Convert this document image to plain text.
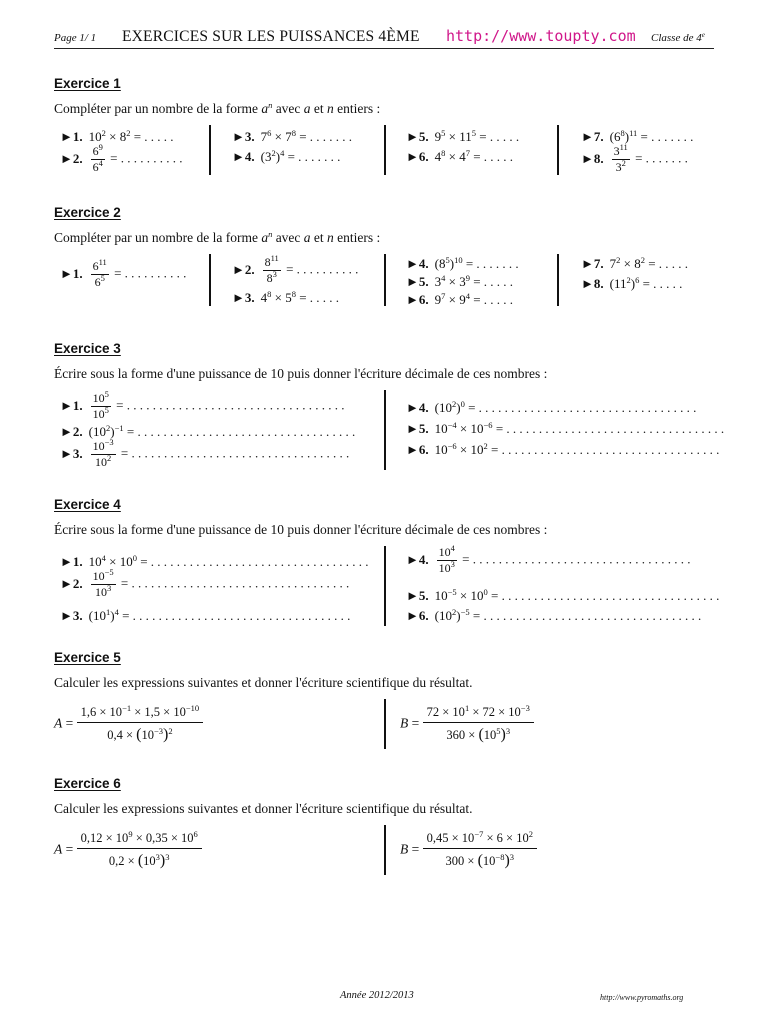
Page 1/ 1 EXERCICES SUR LES PUISSANCES 4ÈME http://www.toupty.com Classe de 4e
Exercice 1
Compléter par un nombre de la forme $a^n$ avec a et n entiers :
►1. $10^2 \times 8^2$ = . . . . .
►2. $\frac{6^9}{6^4}$ = . . . . . . . . . .
►3. $7^6 \times 7^8$ = . . . . . . .
►4. $(3^2)^4$ = . . . . . . .
►5. $9^5 \times 11^5$ = . . . . .
►6. $4^8 \times 4^7$ = . . . . .
►7. $(6^8)^{11}$ = . . . . . . .
►8. $\frac{3^{11}}{3^2}$ = . . . . . . .
Exercice 2
Compléter par un nombre de la forme $a^n$ avec a et n entiers :
►1. $\frac{6^{11}}{6^5}$ = . . . . . . . . . .	►2. $\frac{8^{11}}{8^3}$ = . . . . . . . . . .
►3. $4^8 \times 5^8$ = . . . . .
►4. $(8^5)^{10}$ = . . . . . . .
►5. $3^4 \times 3^9$ = . . . . .
►6. $9^7 \times 9^4$ = . . . . .
►7. $7^2 \times 8^2$ = . . . . .
►8. $(11^2)^6$ = . . . . .
Exercice 3
Écrire sous la forme d'une puissance de 10 puis donner l'écriture décimale de ces nombres :
►1. $\frac{10^5}{10^5}$ = . . . . . . . . . . . . . . . . . . . . . . . . . . . . . . . . . .
►2. $(10^2)^{-1}$ = . . . . . . . . . . . . . . . . . . . . . . . . . . . . . . . . . .
►3. $\frac{10^{-3}}{10^2}$ = . . . . . . . . . . . . . . . . . . . . . . . . . . . . . . . . . .
►4. $(10^2)^0$ = . . . . . . . . . . . . . . . . . . . . . . . . . . . . . . . . . .
►5. $10^{-4} \times 10^{-6}$ = . . . . . . . . . . . . . . . . . . . . . . . . . . . . . . . . . .
►6. $10^{-6} \times 10^2$ = . . . . . . . . . . . . . . . . . . . . . . . . . . . . . . . . . .
Exercice 4
Écrire sous la forme d'une puissance de 10 puis donner l'écriture décimale de ces nombres :
►1. $10^4 \times 10^0$ = . . . . . . . . . . . . . . . . . . . . . . . . . . . . . . . . . .
►2. $\frac{10^{-5}}{10^3}$ = . . . . . . . . . . . . . . . . . . . . . . . . . . . . . . . . . .
►3. $(10^1)^4$ = . . . . . . . . . . . . . . . . . . . . . . . . . . . . . . . . . .
►4. $\frac{10^4}{10^3}$ = . . . . . . . . . . . . . . . . . . . . . . . . . . . . . . . . . .
►5. $10^{-5} \times 10^0$ = . . . . . . . . . . . . . . . . . . . . . . . . . . . . . . . . . .
►6. $(10^2)^{-5}$ = . . . . . . . . . . . . . . . . . . . . . . . . . . . . . . . . . .
Exercice 5
Calculer les expressions suivantes et donner l'écriture scientifique du résultat.
$A = \frac{1,6 \times 10^{-1} \times 1,5 \times 10^{-10}}{0,4 \times (10^{-3})^2}$	$B = \frac{72 \times 10^1 \times 72 \times 10^{-3}}{360 \times (10^5)^3}$
Exercice 6
Calculer les expressions suivantes et donner l'écriture scientifique du résultat.
$A = \frac{0,12 \times 10^9 \times 0,35 \times 10^6}{0,2 \times (10^3)^3}$	$B = \frac{0,45 \times 10^{-7} \times 6 \times 10^2}{300 \times (10^{-8})^3}$
Année 2012/2013	http://www.pyromaths.org
